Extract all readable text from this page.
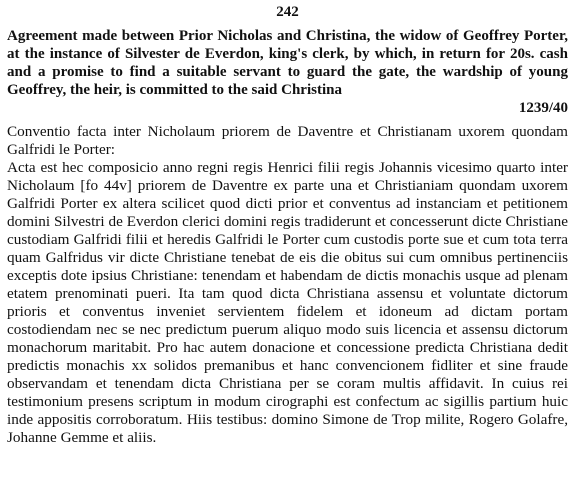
242

Agreement made between Prior Nicholas and Christina, the widow of Geoffrey Porter, at the instance of Silvester de Everdon, king's clerk, by which, in return for 20s. cash and a promise to find a suitable servant to guard the gate, the wardship of young Geoffrey, the heir, is committed to the said Christina

1239/40

Conventio facta inter Nicholaum priorem de Daventre et Christianam uxorem quondam Galfridi le Porter:

Acta est hec composicio anno regni regis Henrici filii regis Johannis vicesimo quarto inter Nicholaum [fo 44v] priorem de Daventre ex parte una et Christianiam quondam uxorem Galfridi Porter ex altera scilicet quod dicti prior et conventus ad instanciam et petitionem domini Silvestri de Everdon clerici domini regis tradiderunt et concesserunt dicte Christiane custodiam Galfridi filii et heredis Galfridi le Porter cum custodis porte sue et cum tota terra quam Galfridus vir dicte Christiane tenebat de eis die obitus sui cum omnibus pertinenciis exceptis dote ipsius Christiane: tenendam et habendam de dictis monachis usque ad plenam etatem prenominati pueri. Ita tam quod dicta Christiana assensu et voluntate dictorum prioris et conventus inveniet servientem fidelem et idoneum ad dictam portam costodiendam nec se nec predictum puerum aliquo modo suis licencia et assensu dictorum monachorum maritabit. Pro hac autem donacione et concessione predicta Christiana dedit predictis monachis xx solidos premanibus et hanc convencionem fidliter et sine fraude observandam et tenendam dicta Christiana per se coram multis affidavit. In cuius rei testimonium presens scriptum in modum cirographi est confectum ac sigillis partium huic inde appositis corroboratum. Hiis testibus: domino Simone de Trop milite, Rogero Golafre, Johanne Gemme et aliis.
